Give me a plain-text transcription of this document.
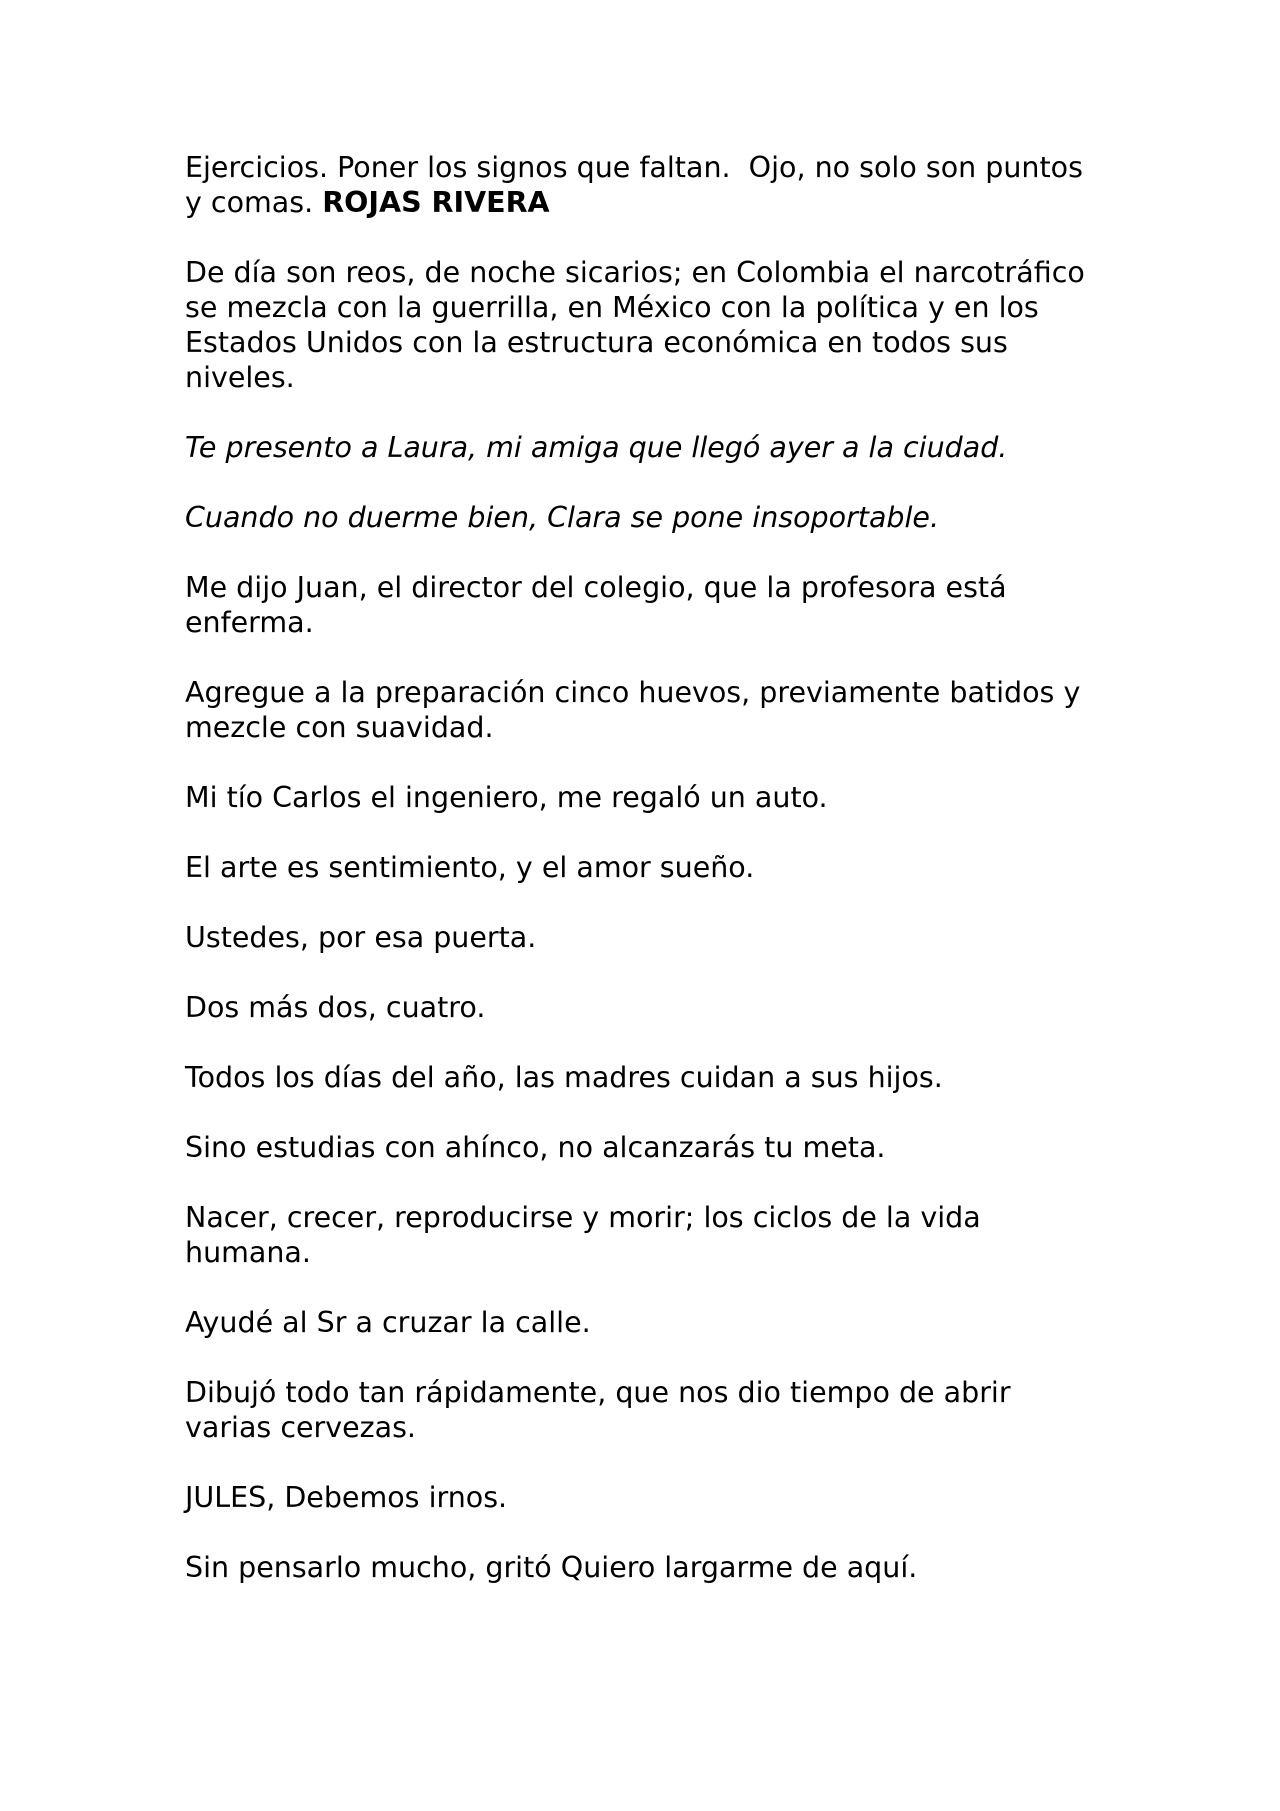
Ejercicios. Poner los signos que faltan.  Ojo, no solo son puntos y comas. ROJAS RIVERA

De día son reos, de noche sicarios; en Colombia el narcotráfico se mezcla con la guerrilla, en México con la política y en los Estados Unidos con la estructura económica en todos sus niveles.

Te presento a Laura, mi amiga que llegó ayer a la ciudad.

Cuando no duerme bien, Clara se pone insoportable.

Me dijo Juan, el director del colegio, que la profesora está enferma.

Agregue a la preparación cinco huevos, previamente batidos y mezcle con suavidad.

Mi tío Carlos el ingeniero, me regaló un auto.

El arte es sentimiento, y el amor sueño.

Ustedes, por esa puerta.

Dos más dos, cuatro.

Todos los días del año, las madres cuidan a sus hijos.

Sino estudias con ahínco, no alcanzarás tu meta.

Nacer, crecer, reproducirse y morir; los ciclos de la vida humana.

Ayudé al Sr a cruzar la calle.

Dibujó todo tan rápidamente, que nos dio tiempo de abrir varias cervezas.

JULES, Debemos irnos.

Sin pensarlo mucho, gritó Quiero largarme de aquí.
